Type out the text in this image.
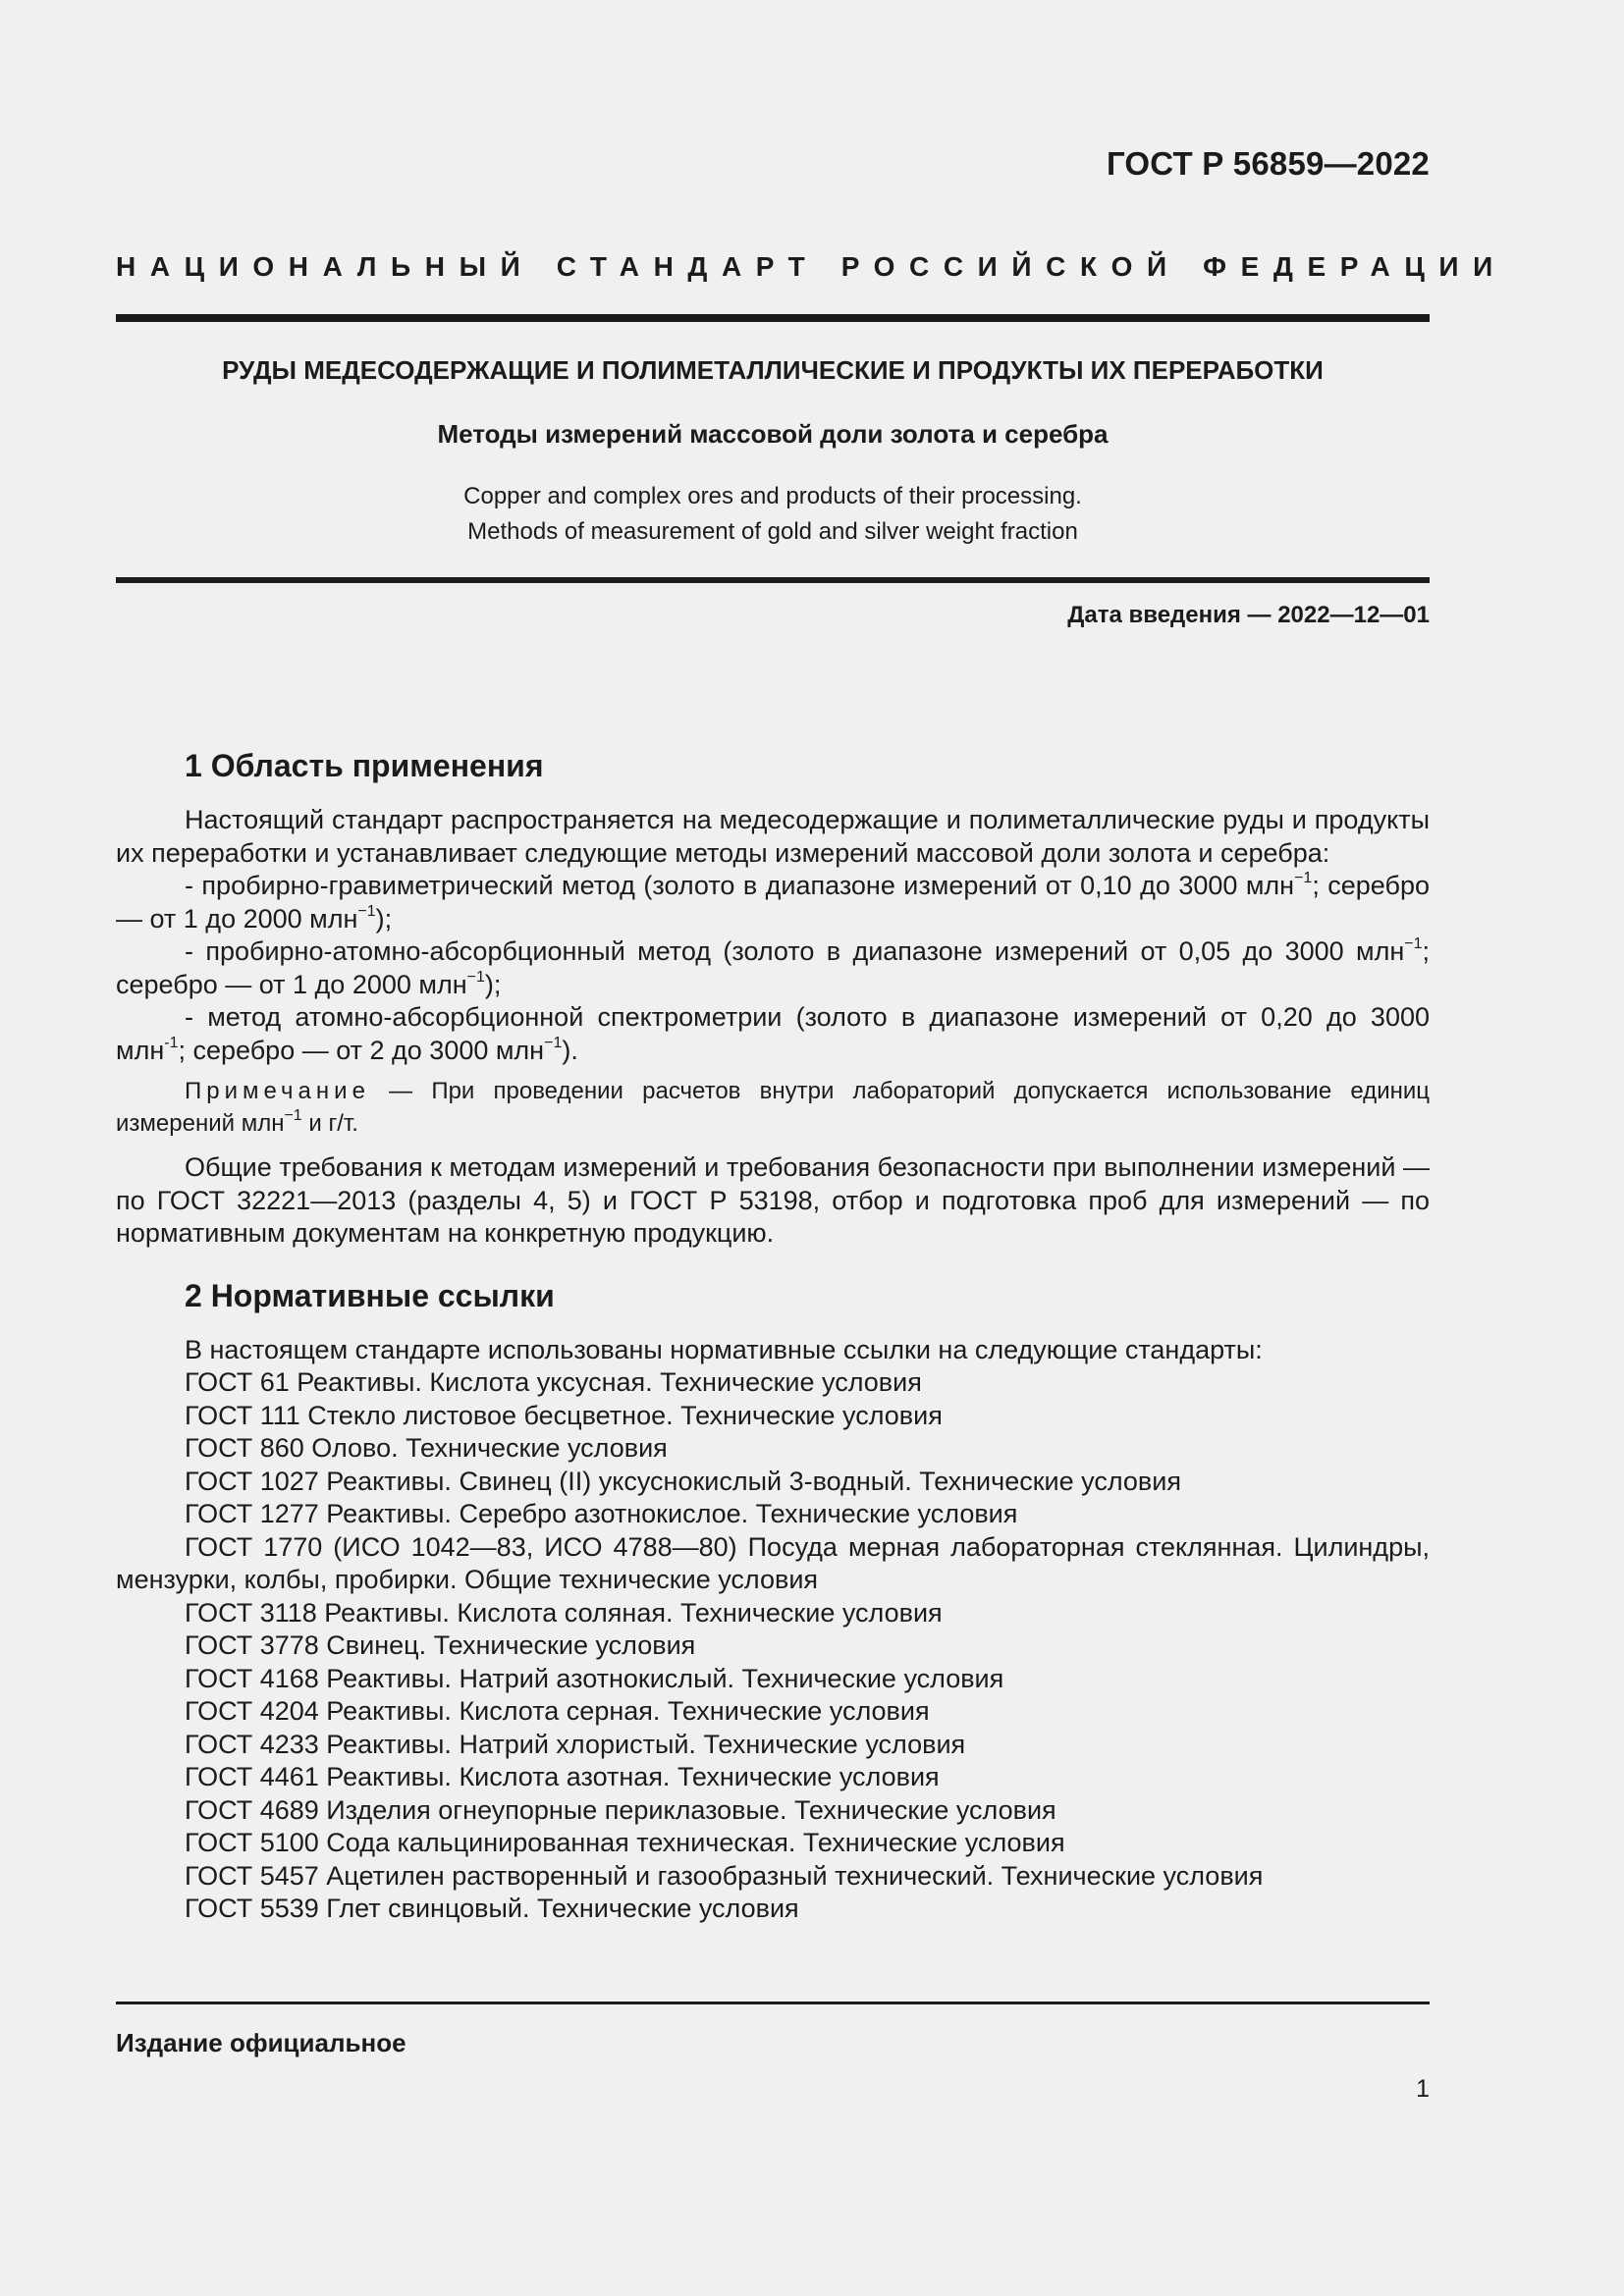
ГОСТ Р 56859—2022
НАЦИОНАЛЬНЫЙ СТАНДАРТ РОССИЙСКОЙ ФЕДЕРАЦИИ
РУДЫ МЕДЕСОДЕРЖАЩИЕ И ПОЛИМЕТАЛЛИЧЕСКИЕ И ПРОДУКТЫ ИХ ПЕРЕРАБОТКИ
Методы измерений массовой доли золота и серебра
Copper and complex ores and products of their processing.
Methods of measurement of gold and silver weight fraction
Дата введения — 2022—12—01
1 Область применения

Настоящий стандарт распространяется на медесодержащие и полиметаллические руды и продукты их переработки и устанавливает следующие методы измерений массовой доли золота и серебра:

- пробирно-гравиметрический метод (золото в диапазоне измерений от 0,10 до 3000 млн$^{-1}$; серебро — от 1 до 2000 млн$^{-1}$);

- пробирно-атомно-абсорбционный метод (золото в диапазоне измерений от 0,05 до 3000 млн$^{-1}$; серебро — от 1 до 2000 млн$^{-1}$);

- метод атомно-абсорбционной спектрометрии (золото в диапазоне измерений от 0,20 до 3000 млн$^{-1}$; серебро — от 2 до 3000 млн$^{-1}$).

Примечание — При проведении расчетов внутри лабораторий допускается использование единиц измерений млн$^{-1}$ и г/т.

Общие требования к методам измерений и требования безопасности при выполнении измерений — по ГОСТ 32221—2013 (разделы 4, 5) и ГОСТ Р 53198, отбор и подготовка проб для измерений — по нормативным документам на конкретную продукцию.

2 Нормативные ссылки

В настоящем стандарте использованы нормативные ссылки на следующие стандарты:

ГОСТ 61 Реактивы. Кислота уксусная. Технические условия
ГОСТ 111 Стекло листовое бесцветное. Технические условия
ГОСТ 860 Олово. Технические условия
ГОСТ 1027 Реактивы. Свинец (II) уксуснокислый 3-водный. Технические условия
ГОСТ 1277 Реактивы. Серебро азотнокислое. Технические условия
ГОСТ 1770 (ИСО 1042—83, ИСО 4788—80) Посуда мерная лабораторная стеклянная. Цилиндры, мензурки, колбы, пробирки. Общие технические условия
ГОСТ 3118 Реактивы. Кислота соляная. Технические условия
ГОСТ 3778 Свинец. Технические условия
ГОСТ 4168 Реактивы. Натрий азотнокислый. Технические условия
ГОСТ 4204 Реактивы. Кислота серная. Технические условия
ГОСТ 4233 Реактивы. Натрий хлористый. Технические условия
ГОСТ 4461 Реактивы. Кислота азотная. Технические условия
ГОСТ 4689 Изделия огнеупорные периклазовые. Технические условия
ГОСТ 5100 Сода кальцинированная техническая. Технические условия
ГОСТ 5457 Ацетилен растворенный и газообразный технический. Технические условия
ГОСТ 5539 Глет свинцовый. Технические условия
Издание официальное
1
